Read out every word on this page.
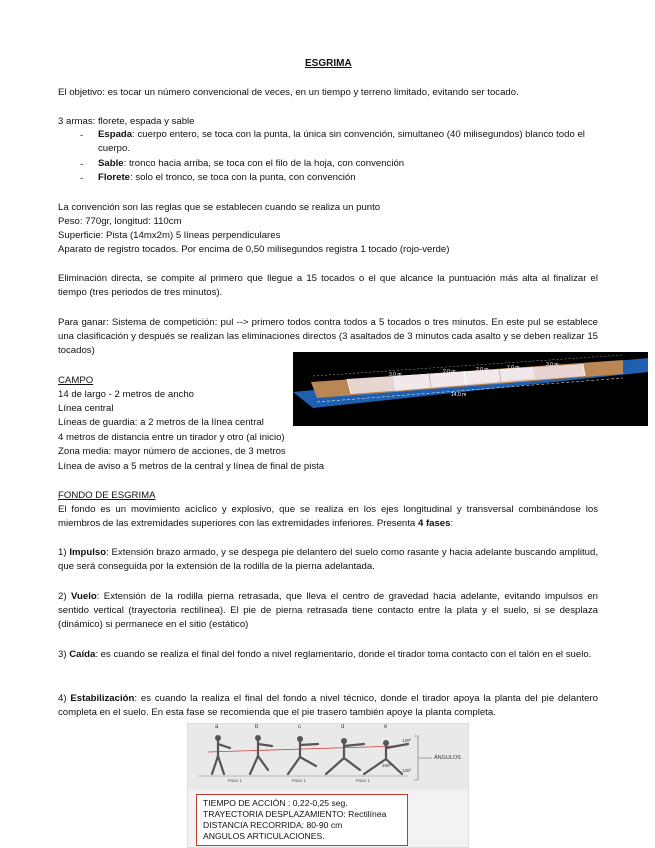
ESGRIMA
El objetivo: es tocar un número convencional de veces, en un tiempo y terreno limitado, evitando ser tocado.
3 armas: florete, espada y sable
- Espada: cuerpo entero, se toca con la punta, la única sin convención, simultaneo (40 milisegundos) blanco todo el cuerpo.
- Sable: tronco hacia arriba, se toca con el filo de la hoja, con convención
- Florete: solo el tronco, se toca con la punta, con convención
La convención son las reglas que se establecen cuando se realiza un punto
Peso: 770gr, longitud: 110cm
Superficie: Pista (14mx2m) 5 líneas perpendiculares
Aparato de registro tocados. Por encima de 0,50 milisegundos registra 1 tocado (rojo-verde)
Eliminación directa, se compite al primero que llegue a 15 tocados o el que alcance la puntuación más alta al finalizar el tiempo (tres periodos de tres minutos).
Para ganar: Sistema de competición: pul --> primero todos contra todos a 5 tocados o tres minutos. En este pul se establece una clasificación y después se realizan las eliminaciones directos (3 asaltados de 3 minutos cada asalto y se deben realizar 15 tocados)
CAMPO
14 de largo - 2 metros de ancho
Línea central
Líneas de guardia: a 2 metros de la línea central
4 metros de distancia entre un tirador y otro (al inicio)
Zona media: mayor número de acciones, de 3 metros
Línea de aviso a 5 metros de la central y línea de final de pista
3.0 m	2.0 m	2.0 m	2.0 m	3.0 m
14.0 m
FONDO DE ESGRIMA
El fondo es un movimiento acíclico y explosivo, que se realiza en los ejes longitudinal y transversal combinándose los miembros de las extremidades superiores con las extremidades inferiores. Presenta 4 fases:
1) Impulso: Extensión brazo armado, y se despega pie delantero del suelo como rasante y hacia adelante buscando amplitud, que será conseguida por la extensión de la rodilla de la pierna adelantada.
2) Vuelo: Extensión de la rodilla pierna retrasada, que lleva el centro de gravedad hacia adelante, evitando impulsos en sentido vertical (trayectoria rectilínea). El pie de pierna retrasada tiene contacto entre la plata y el suelo, si se desplaza (dinámico) si permanece en el sitio (estático)
3) Caída: es cuando se realiza el final del fondo a nivel reglamentario, donde el tirador toma contacto con el talón en el suelo.
4) Estabilización: es cuando la realiza el final del fondo a nivel técnico, donde el tirador apoya la planta del pie delantero completa en el suelo. En esta fase se recomienda que el pie trasero también apoye la planta completa.
a	b	c	d	e
120º
120º
160º
ÁNGULOS
Paso 1	Paso 1	Paso 1
TIEMPO DE ACCIÓN : 0,22-0,25 seg.
TRAYECTORIA DESPLAZAMIENTO: Rectilínea
DISTANCIA RECORRIDA: 80-90 cm
ANGULOS ARTICULACIONES.
